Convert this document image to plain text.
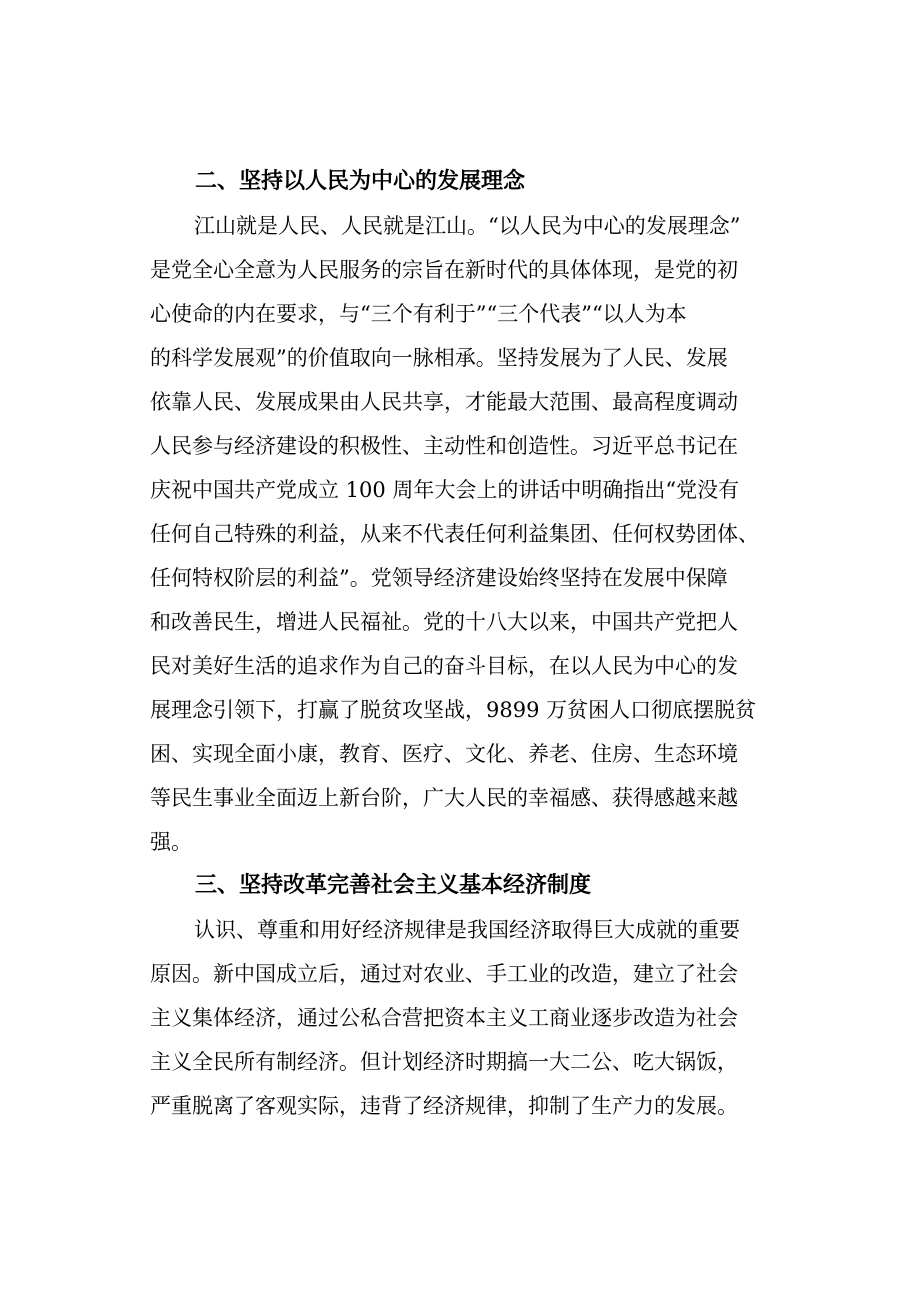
二、坚持以人民为中心的发展理念

江山就是人民、人民就是江山。“以人民为中心的发展理念”

是党全心全意为人民服务的宗旨在新时代的具体体现，是党的初

心使命的内在要求，与“三个有利于”“三个代表”“以人为本

的科学发展观”的价值取向一脉相承。坚持发展为了人民、发展

依靠人民、发展成果由人民共享，才能最大范围、最高程度调动

人民参与经济建设的积极性、主动性和创造性。习近平总书记在

庆祝中国共产党成立 100 周年大会上的讲话中明确指出“党没有

任何自己特殊的利益，从来不代表任何利益集团、任何权势团体、

任何特权阶层的利益”。党领导经济建设始终坚持在发展中保障

和改善民生，增进人民福祉。党的十八大以来，中国共产党把人

民对美好生活的追求作为自己的奋斗目标，在以人民为中心的发

展理念引领下，打赢了脱贫攻坚战，9899 万贫困人口彻底摆脱贫

困、实现全面小康，教育、医疗、文化、养老、住房、生态环境

等民生事业全面迈上新台阶，广大人民的幸福感、获得感越来越

强。

三、坚持改革完善社会主义基本经济制度

认识、尊重和用好经济规律是我国经济取得巨大成就的重要

原因。新中国成立后，通过对农业、手工业的改造，建立了社会

主义集体经济，通过公私合营把资本主义工商业逐步改造为社会

主义全民所有制经济。但计划经济时期搞一大二公、吃大锅饭，

严重脱离了客观实际，违背了经济规律，抑制了生产力的发展。
